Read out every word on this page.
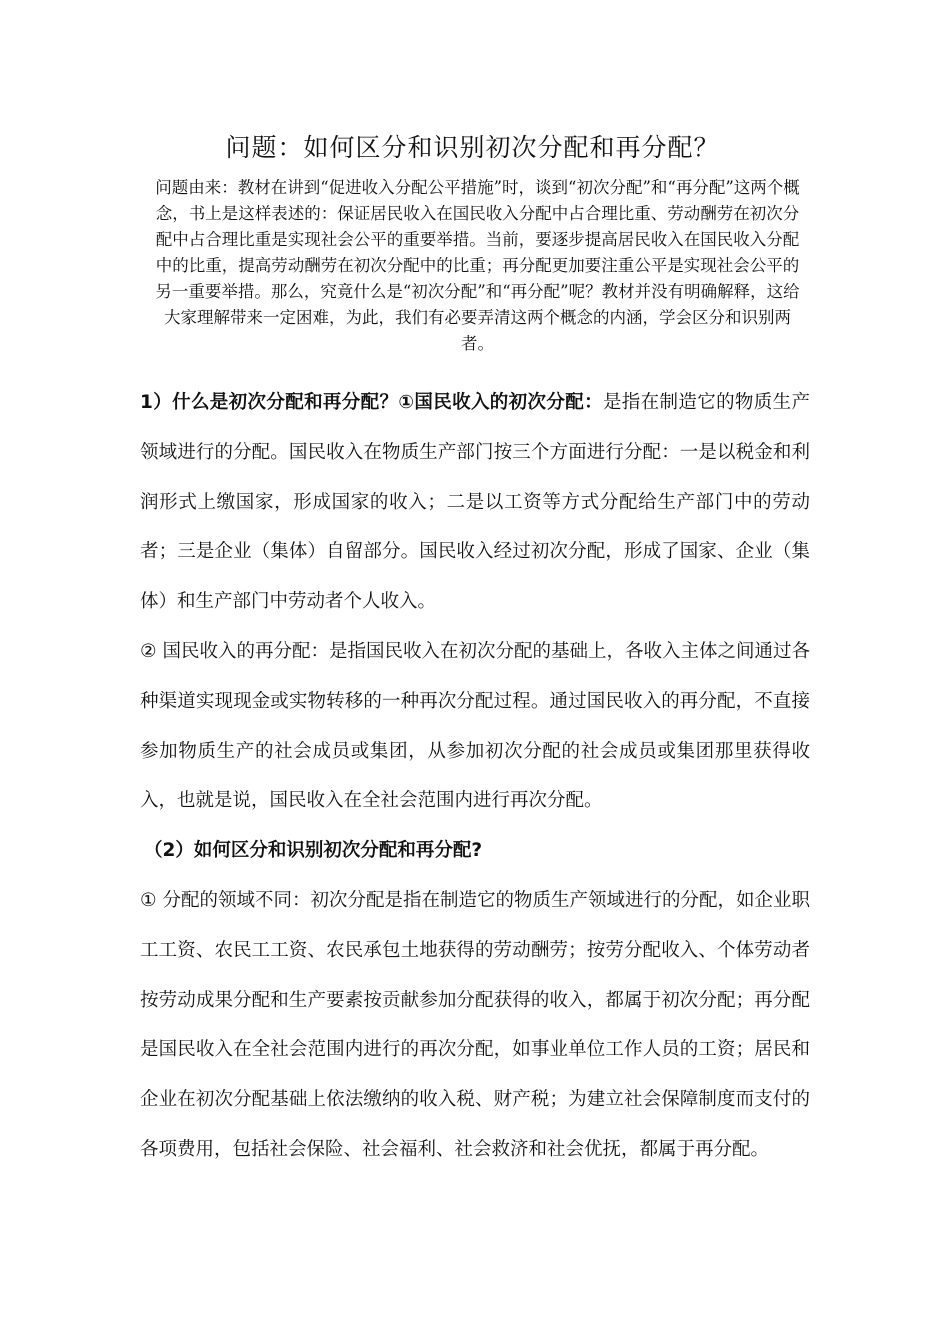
问题：如何区分和识别初次分配和再分配？
问题由来：教材在讲到“促进收入分配公平措施”时，谈到“初次分配”和“再分配”这两个概念，书上是这样表述的：保证居民收入在国民收入分配中占合理比重、劳动酬劳在初次分配中占合理比重是实现社会公平的重要举措。当前，要逐步提高居民收入在国民收入分配中的比重，提高劳动酬劳在初次分配中的比重；再分配更加要注重公平是实现社会公平的另一重要举措。那么，究竟什么是“初次分配”和“再分配”呢？教材并没有明确解释，这给大家理解带来一定困难，为此，我们有必要弄清这两个概念的内涵，学会区分和识别两者。

1）什么是初次分配和再分配？①国民收入的初次分配：是指在制造它的物质生产领域进行的分配。国民收入在物质生产部门按三个方面进行分配：一是以税金和利润形式上缴国家，形成国家的收入；二是以工资等方式分配给生产部门中的劳动者；三是企业（集体）自留部分。国民收入经过初次分配，形成了国家、企业（集体）和生产部门中劳动者个人收入。

② 国民收入的再分配：是指国民收入在初次分配的基础上，各收入主体之间通过各种渠道实现现金或实物转移的一种再次分配过程。通过国民收入的再分配，不直接参加物质生产的社会成员或集团，从参加初次分配的社会成员或集团那里获得收入，也就是说，国民收入在全社会范围内进行再次分配。

（2）如何区分和识别初次分配和再分配?

① 分配的领域不同：初次分配是指在制造它的物质生产领域进行的分配，如企业职工工资、农民工工资、农民承包土地获得的劳动酬劳；按劳分配收入、个体劳动者按劳动成果分配和生产要素按贡献参加分配获得的收入，都属于初次分配；再分配是国民收入在全社会范围内进行的再次分配，如事业单位工作人员的工资；居民和企业在初次分配基础上依法缴纳的收入税、财产税；为建立社会保障制度而支付的各项费用，包括社会保险、社会福利、社会救济和社会优抚，都属于再分配。
